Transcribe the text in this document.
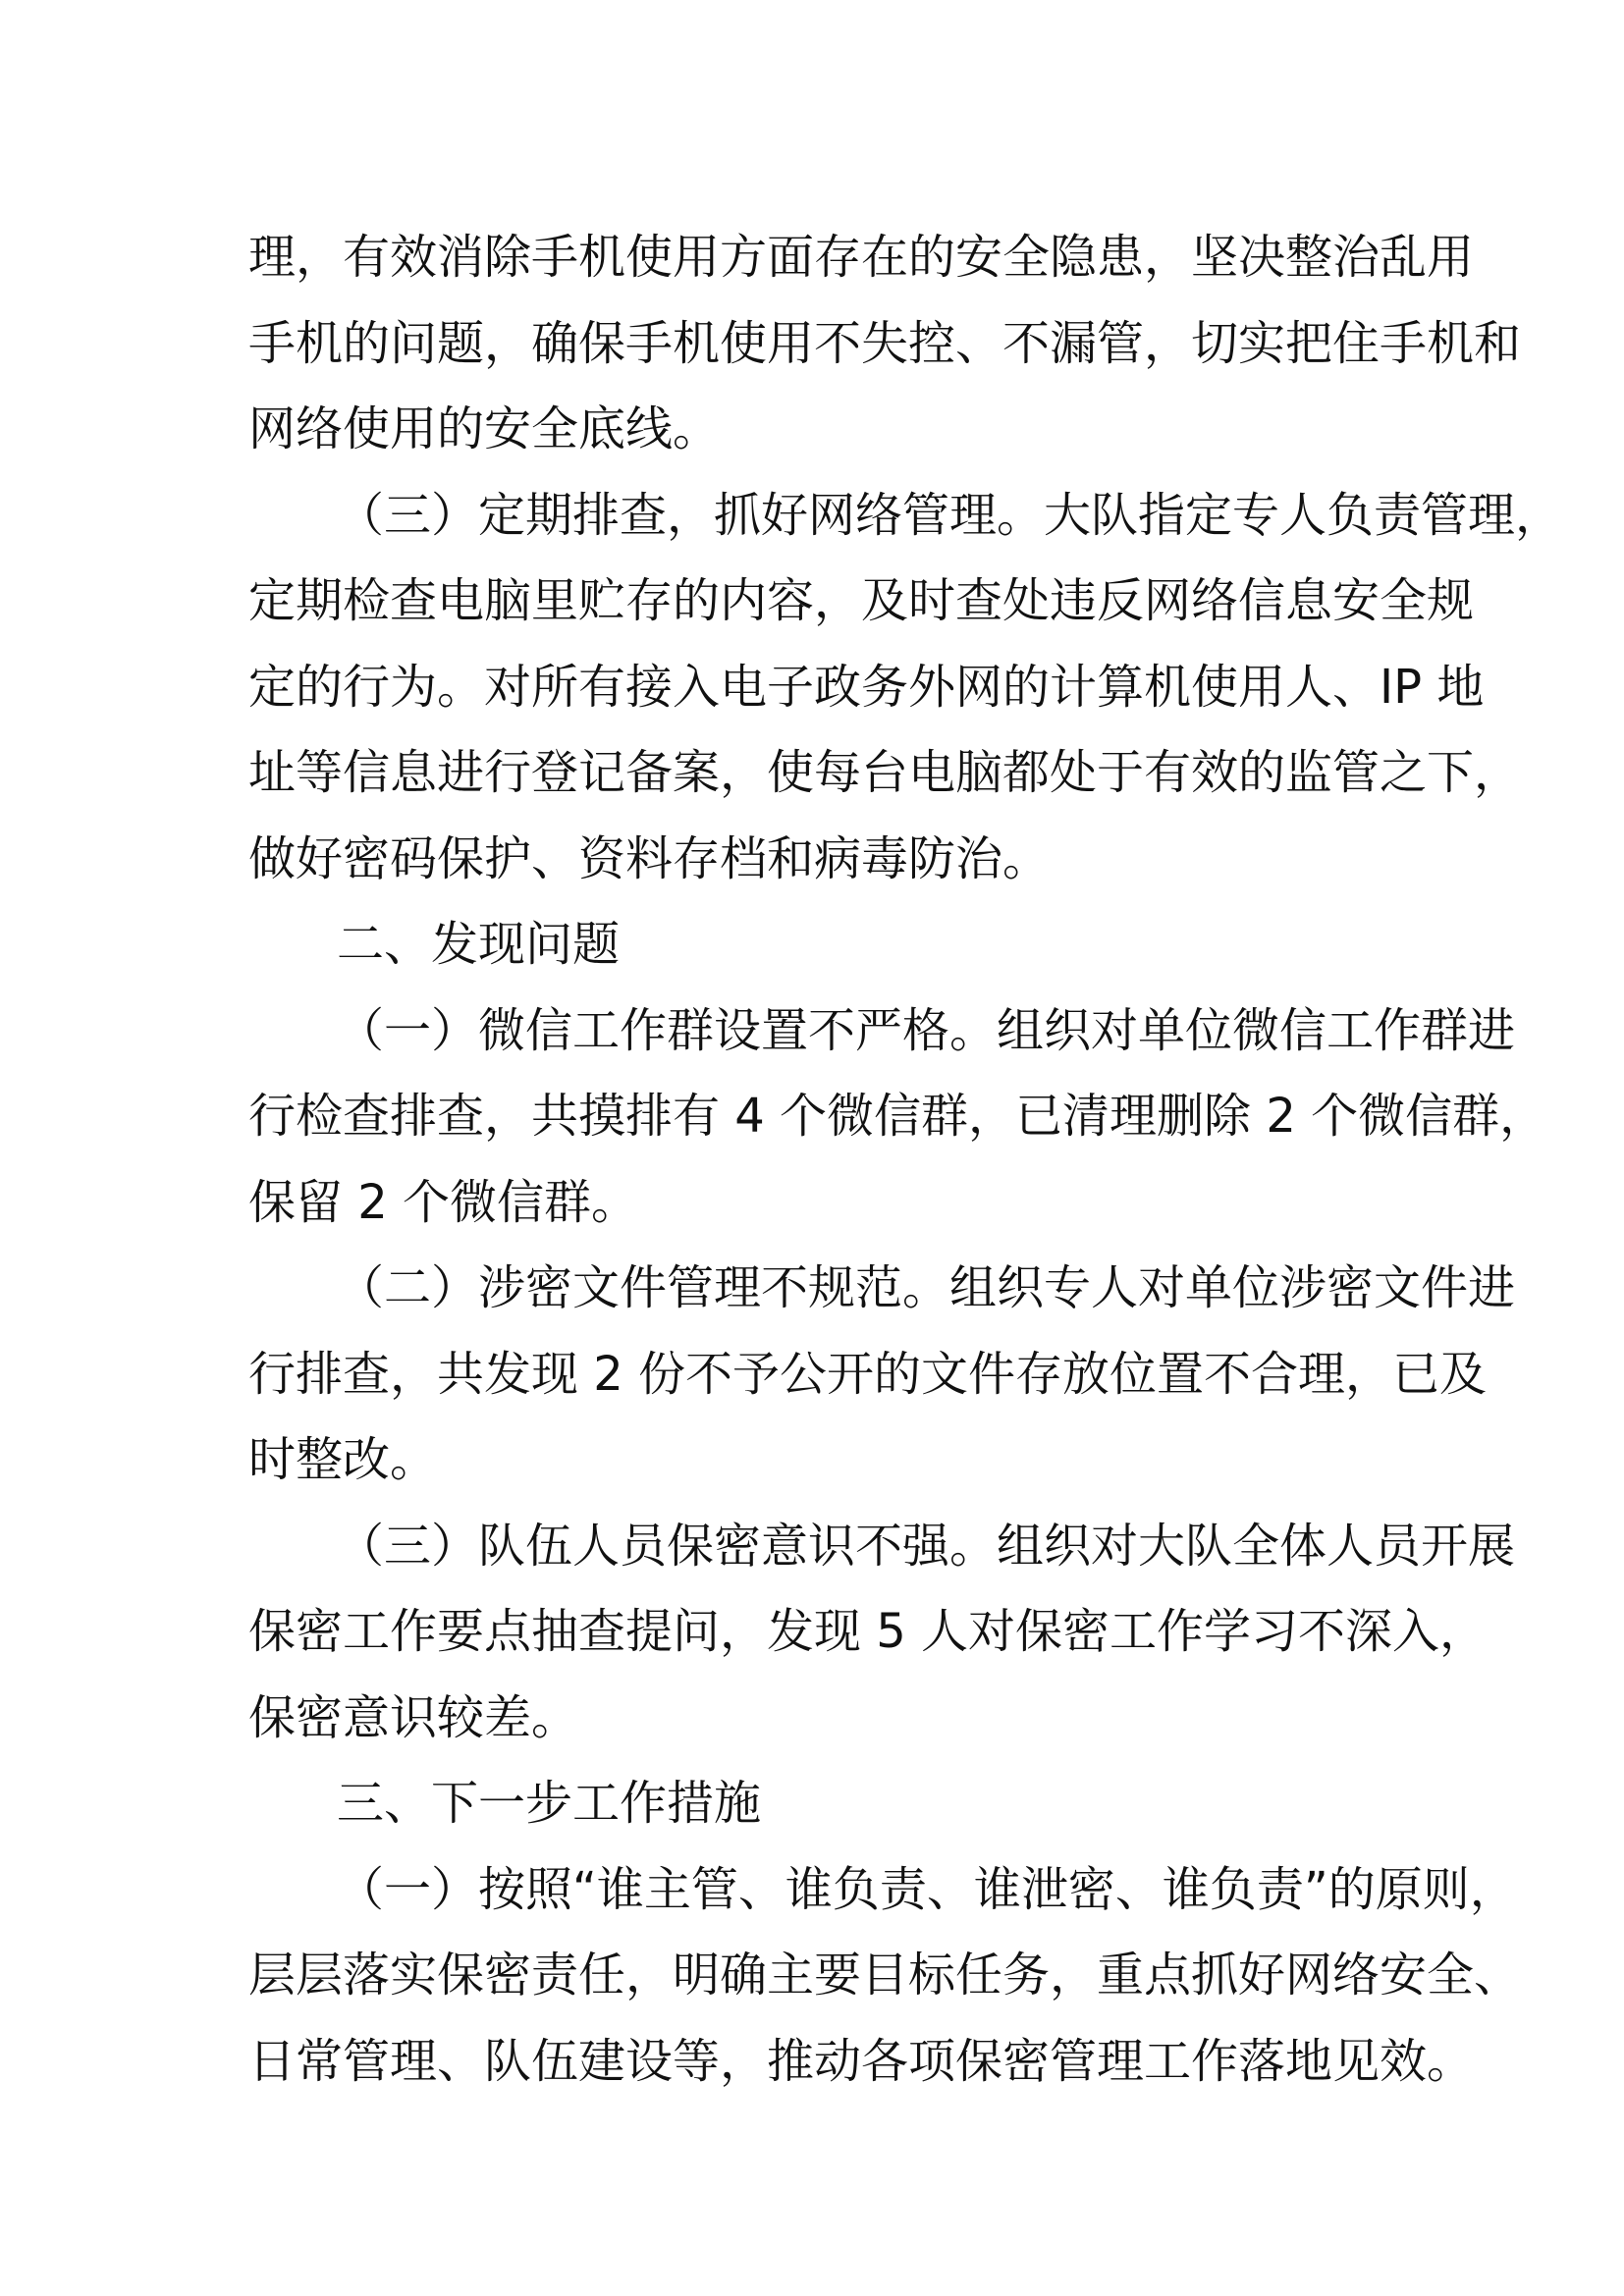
理，有效消除手机使用方面存在的安全隐患，坚决整治乱用
手机的问题，确保手机使用不失控、不漏管，切实把住手机和
网络使用的安全底线。
（三）定期排查，抓好网络管理。大队指定专人负责管理，
定期检查电脑里贮存的内容，及时查处违反网络信息安全规
定的行为。对所有接入电子政务外网的计算机使用人、IP 地
址等信息进行登记备案，使每台电脑都处于有效的监管之下，
做好密码保护、资料存档和病毒防治。
二、发现问题
（一）微信工作群设置不严格。组织对单位微信工作群进
行检查排查，共摸排有 4 个微信群，已清理删除 2 个微信群，
保留 2 个微信群。
（二）涉密文件管理不规范。组织专人对单位涉密文件进
行排查，共发现 2 份不予公开的文件存放位置不合理，已及
时整改。
（三）队伍人员保密意识不强。组织对大队全体人员开展
保密工作要点抽查提问，发现 5 人对保密工作学习不深入，
保密意识较差。
三、下一步工作措施
（一）按照“谁主管、谁负责、谁泄密、谁负责”的原则，
层层落实保密责任，明确主要目标任务，重点抓好网络安全、
日常管理、队伍建设等，推动各项保密管理工作落地见效。
